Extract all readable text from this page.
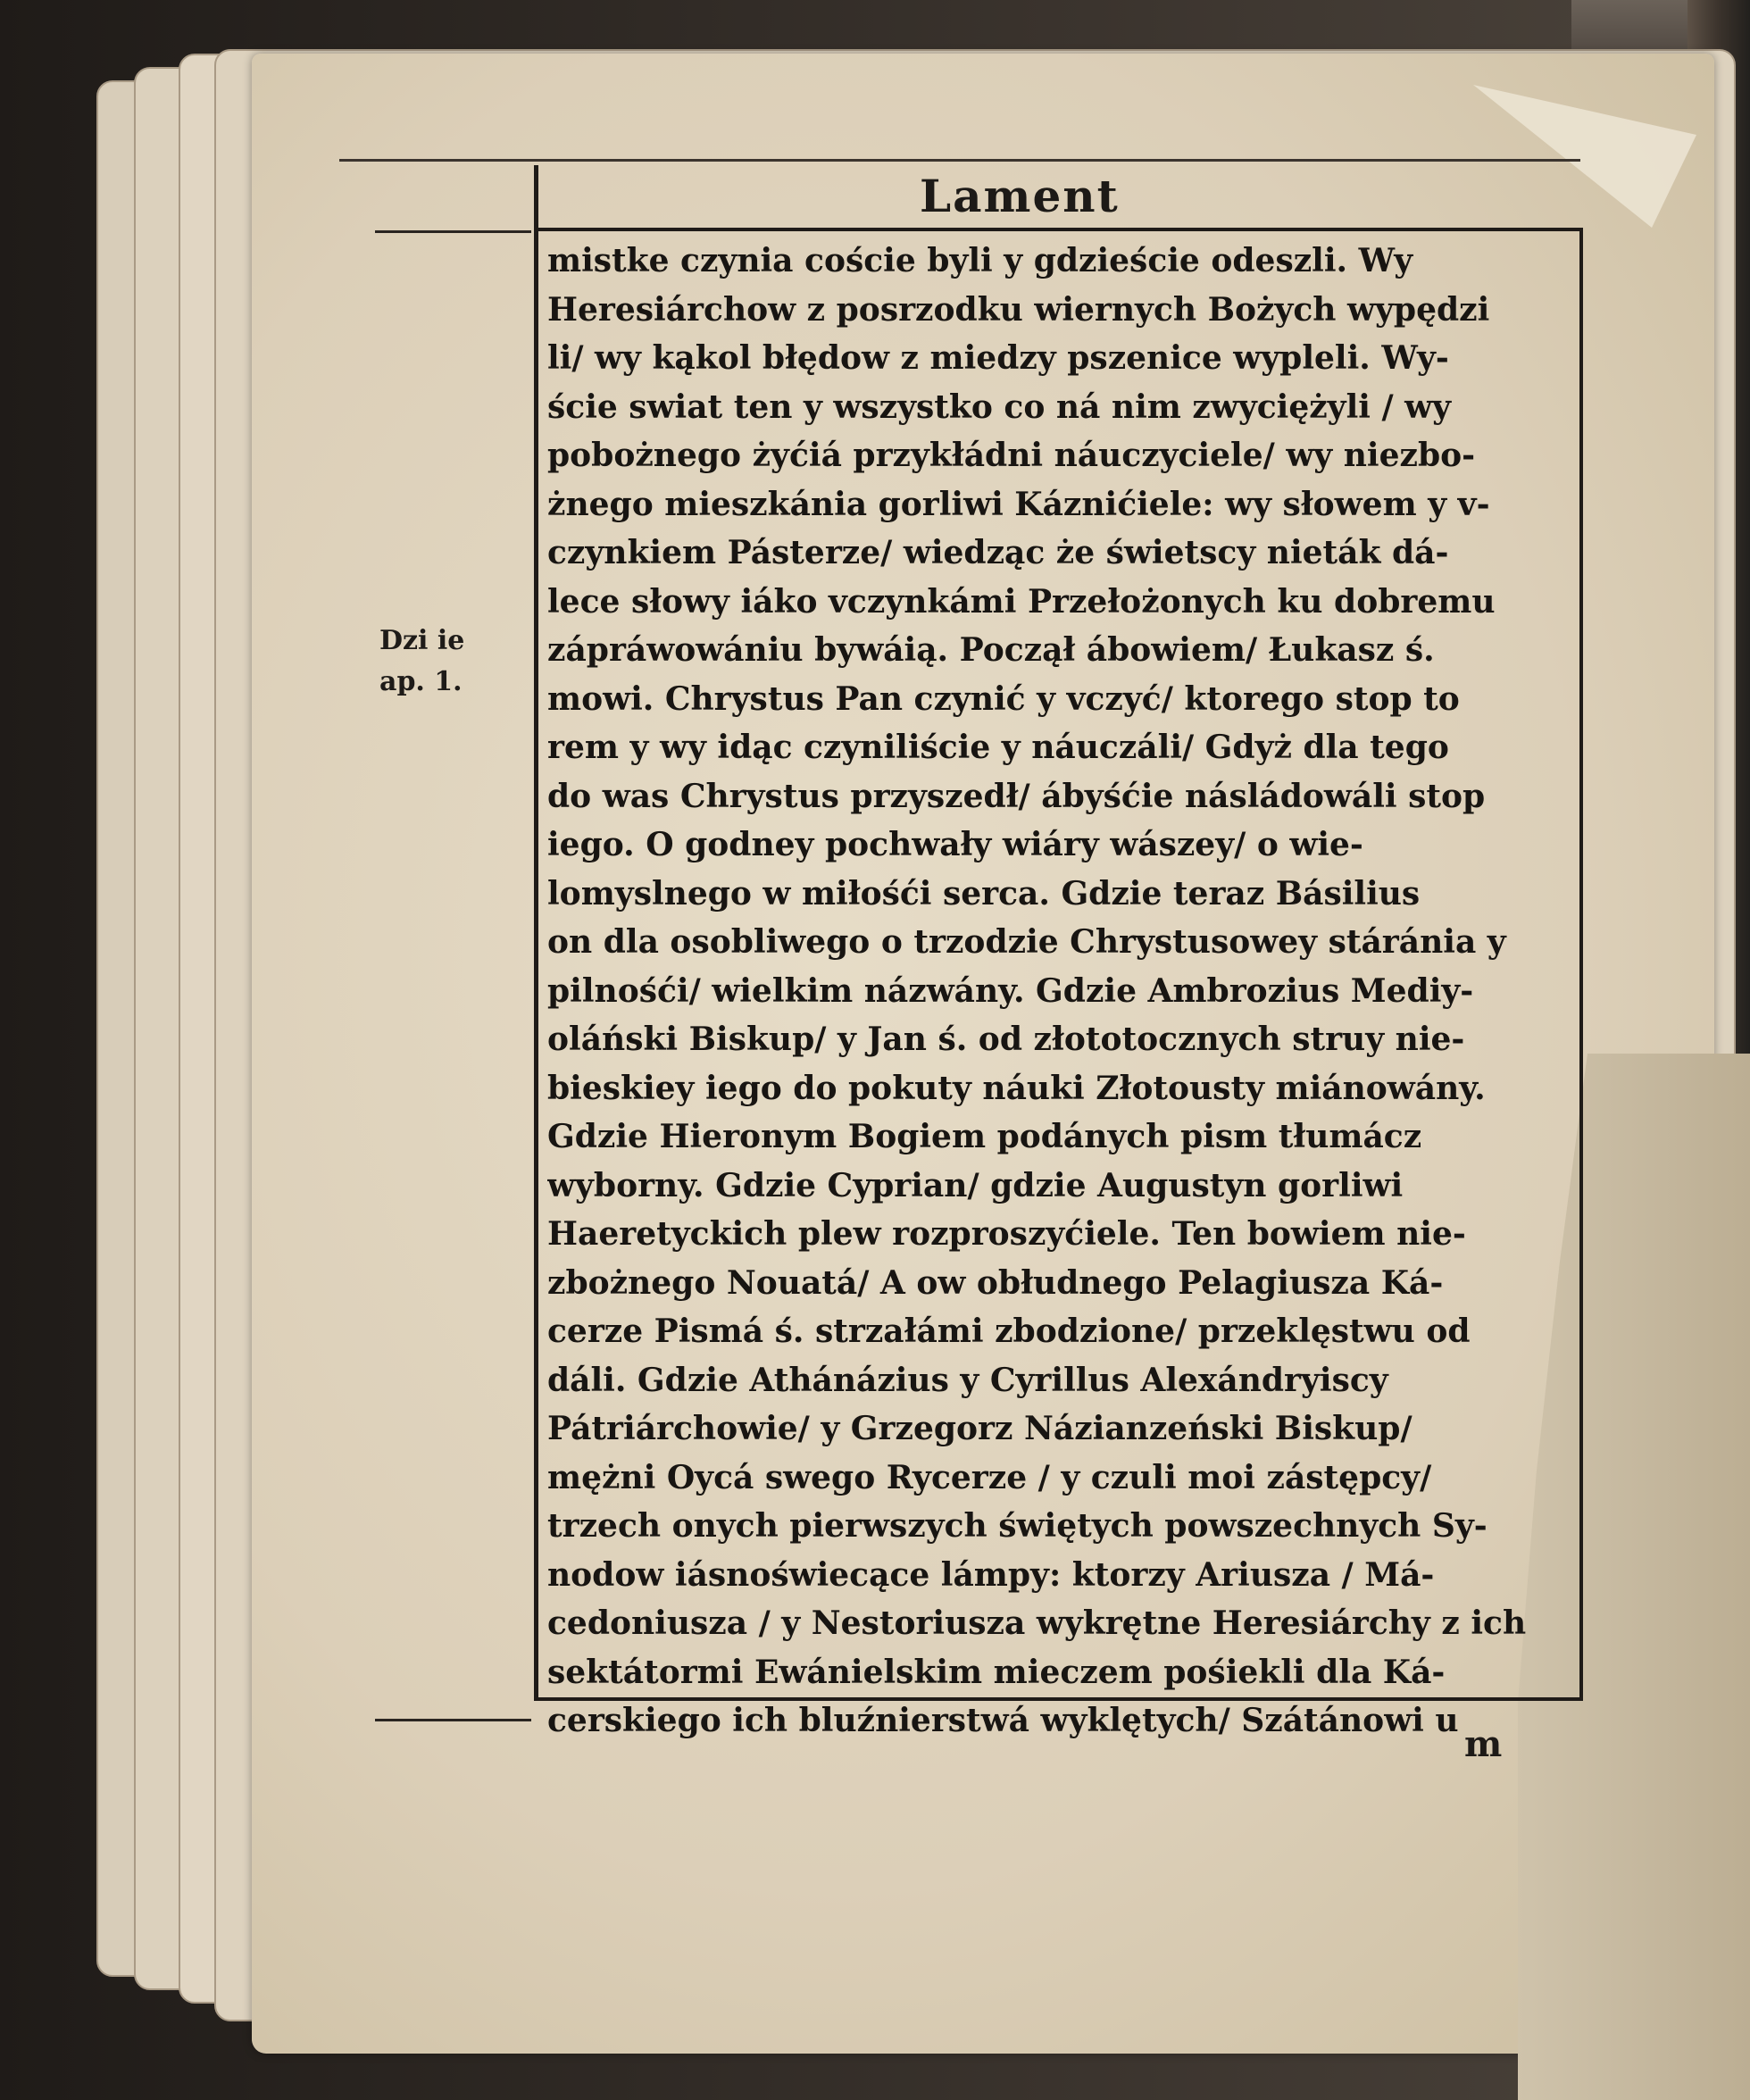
Lament
Dzi ie
ap. 1.
mistke czynia coście byli y gdzieście odeszli. Wy
Heresiárchow z posrzodku wiernych Bożych wypędzi
li/ wy kąkol błędow z miedzy pszenice wypleli. Wy-
ście swiat ten y wszystko co ná nim zwyciężyli / wy
pobożnego żyćiá przykłádni náuczyciele/ wy niezbo-
żnego mieszkánia gorliwi Káznićiele: wy słowem y v-
czynkiem Pásterze/ wiedząc że świetscy nieták dá-
lece słowy iáko vczynkámi Przełożonych ku dobremu
zápráwowániu bywáią. Począł ábowiem/ Łukasz ś.
mowi. Chrystus Pan czynić y vczyć/ ktorego stop to
rem y wy idąc czyniliście y náuczáli/ Gdyż dla tego
do was Chrystus przyszedł/ ábyśćie násládowáli stop
iego. O godney pochwały wiáry wászey/ o wie-
lomyslnego w miłośći serca. Gdzie teraz Básilius
on dla osobliwego o trzodzie Chrystusowey stáránia y
pilnośći/ wielkim názwány. Gdzie Ambrozius Mediy-
oláński Biskup/ y Jan ś. od złototocznych struy nie-
bieskiey iego do pokuty náuki Złotousty miánowány.
Gdzie Hieronym Bogiem podánych pism tłumácz
wyborny. Gdzie Cyprian/ gdzie Augustyn gorliwi
Haeretyckich plew rozproszyćiele. Ten bowiem nie-
zbożnego Nouatá/ A ow obłudnego Pelagiusza Ká-
cerze Pismá ś. strzałámi zbodzione/ przeklęstwu od
dáli. Gdzie Athánázius y Cyrillus Alexándryiscy
Pátriárchowie/ y Grzegorz Názianzeński Biskup/
mężni Oycá swego Rycerze / y czuli moi zástępcy/
trzech onych pierwszych świętych powszechnych Sy-
nodow iásnoświecące lámpy: ktorzy Ariusza / Má-
cedoniusza / y Nestoriusza wykrętne Heresiárchy z ich
sektátormi Ewánielskim mieczem pośiekli dla Ká-
cerskiego ich bluźnierstwá wyklętych/ Szátánowi u
m
